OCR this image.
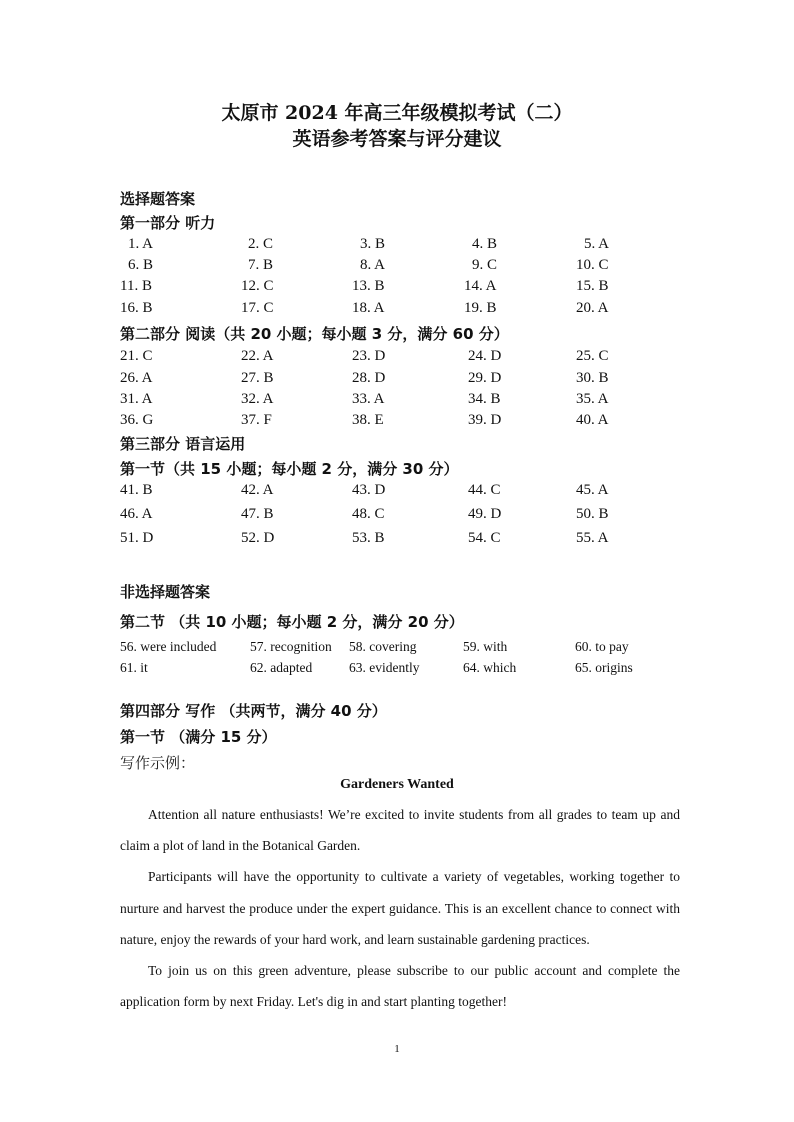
太原市 2024 年高三年级模拟考试（二）
英语参考答案与评分建议
选择题答案
第一部分 听力
1. A	2. C	3. B	4. B	5. A
6. B	7. B	8. A	9. C	10. C
11. B	12. C	13. B	14. A	15. B
16. B	17. C	18. A	19. B	20. A
第二部分 阅读（共 20 小题；每小题 3 分，满分 60 分）
21. C	22. A	23. D	24. D	25. C
26. A	27. B	28. D	29. D	30. B
31. A	32. A	33. A	34. B	35. A
36. G	37. F	38. E	39. D	40. A
第三部分 语言运用
第一节（共 15 小题；每小题 2 分，满分 30 分）
41. B	42. A	43. D	44. C	45. A
46. A	47. B	48. C	49. D	50. B
51. D	52. D	53. B	54. C	55. A
非选择题答案
第二节 （共 10 小题；每小题 2 分，满分 20 分）
56. were included 57. recognition 58. covering	59. with	60. to pay
61. it	62. adapted	63. evidently	64. which	65. origins
第四部分 写作 （共两节，满分 40 分）
第一节 （满分 15 分）
写作示例：
Gardeners Wanted

Attention all nature enthusiasts! We’re excited to invite students from all grades to team up and claim a plot of land in the Botanical Garden.

Participants will have the opportunity to cultivate a variety of vegetables, working together to nurture and harvest the produce under the expert guidance. This is an excellent chance to connect with nature, enjoy the rewards of your hard work, and learn sustainable gardening practices.

To join us on this green adventure, please subscribe to our public account and complete the application form by next Friday. Let's dig in and start planting together!

1
